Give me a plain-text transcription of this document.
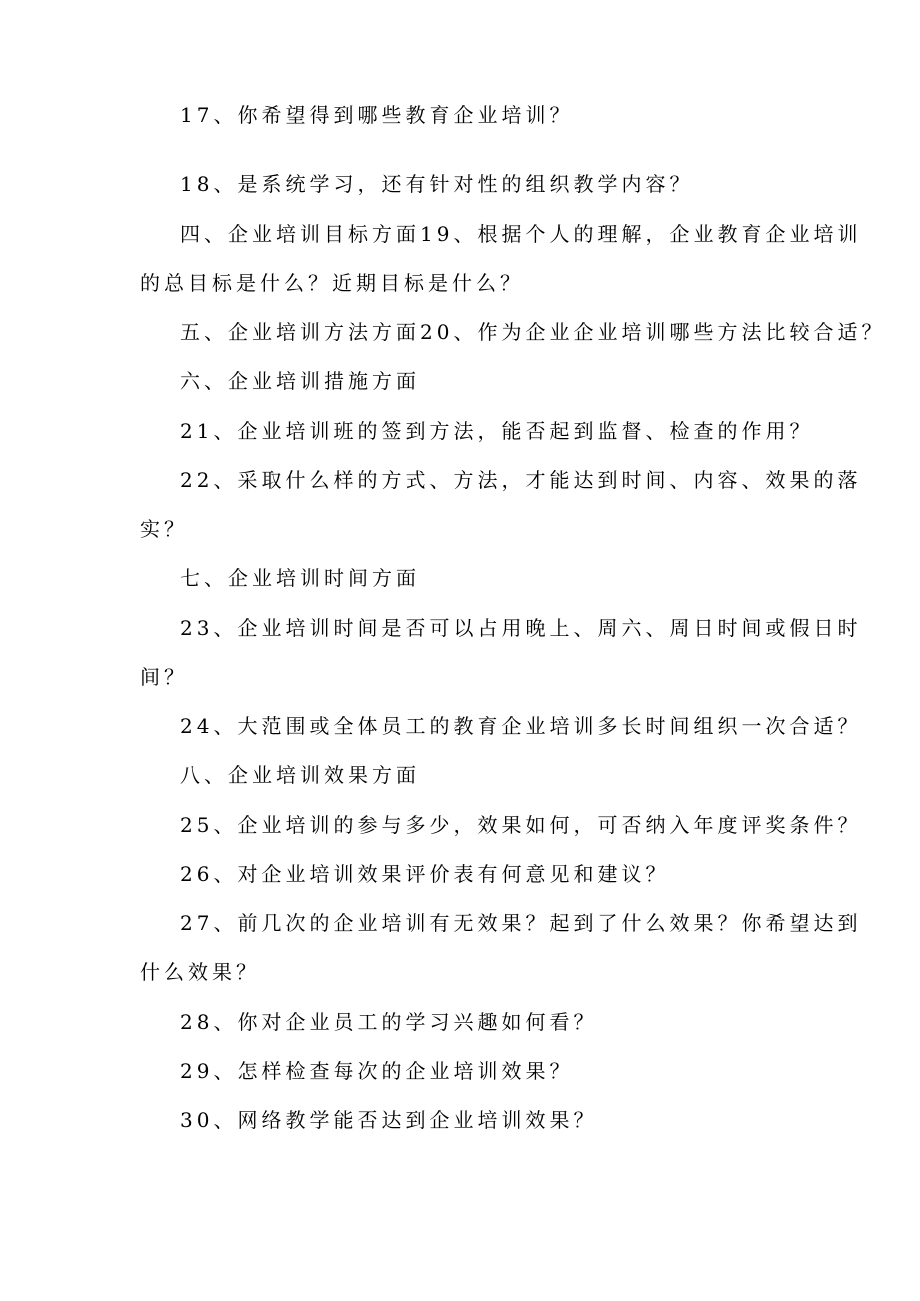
17、你希望得到哪些教育企业培训？
18、是系统学习，还有针对性的组织教学内容？
四、企业培训目标方面19、根据个人的理解，企业教育企业培训
的总目标是什么？近期目标是什么？
五、企业培训方法方面20、作为企业企业培训哪些方法比较合适？
六、企业培训措施方面
21、企业培训班的签到方法，能否起到监督、检查的作用？
22、采取什么样的方式、方法，才能达到时间、内容、效果的落
实？
七、企业培训时间方面
23、企业培训时间是否可以占用晚上、周六、周日时间或假日时
间？
24、大范围或全体员工的教育企业培训多长时间组织一次合适？
八、企业培训效果方面
25、企业培训的参与多少，效果如何，可否纳入年度评奖条件？
26、对企业培训效果评价表有何意见和建议？
27、前几次的企业培训有无效果？起到了什么效果？你希望达到
什么效果？
28、你对企业员工的学习兴趣如何看？
29、怎样检查每次的企业培训效果？
30、网络教学能否达到企业培训效果？
